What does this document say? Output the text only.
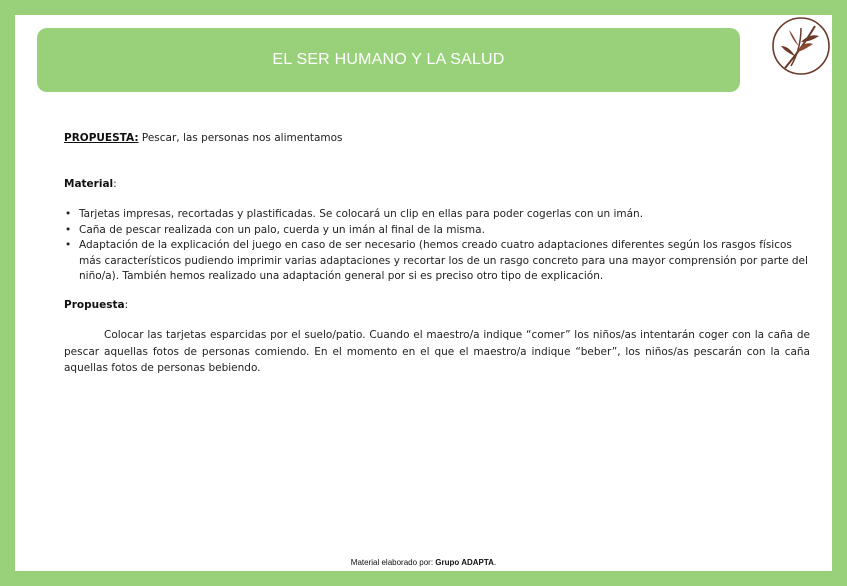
EL SER HUMANO Y LA SALUD
PROPUESTA: Pescar, las personas nos alimentamos
Material:
• Tarjetas impresas, recortadas y plastificadas. Se colocará un clip en ellas para poder cogerlas con un imán.
• Caña de pescar realizada con un palo, cuerda y un imán al final de la misma.
• Adaptación de la explicación del juego en caso de ser necesario (hemos creado cuatro adaptaciones diferentes según los rasgos físicos más característicos pudiendo imprimir varias adaptaciones y recortar los de un rasgo concreto para una mayor comprensión por parte del niño/a). También hemos realizado una adaptación general por si es preciso otro tipo de explicación.
Propuesta:
Colocar las tarjetas esparcidas por el suelo/patio. Cuando el maestro/a indique “comer” los niños/as intentarán coger con la caña de pescar aquellas fotos de personas comiendo. En el momento en el que el maestro/a indique “beber”, los niños/as pescarán con la caña aquellas fotos de personas bebiendo.
Material elaborado por: Grupo ADAPTA.
